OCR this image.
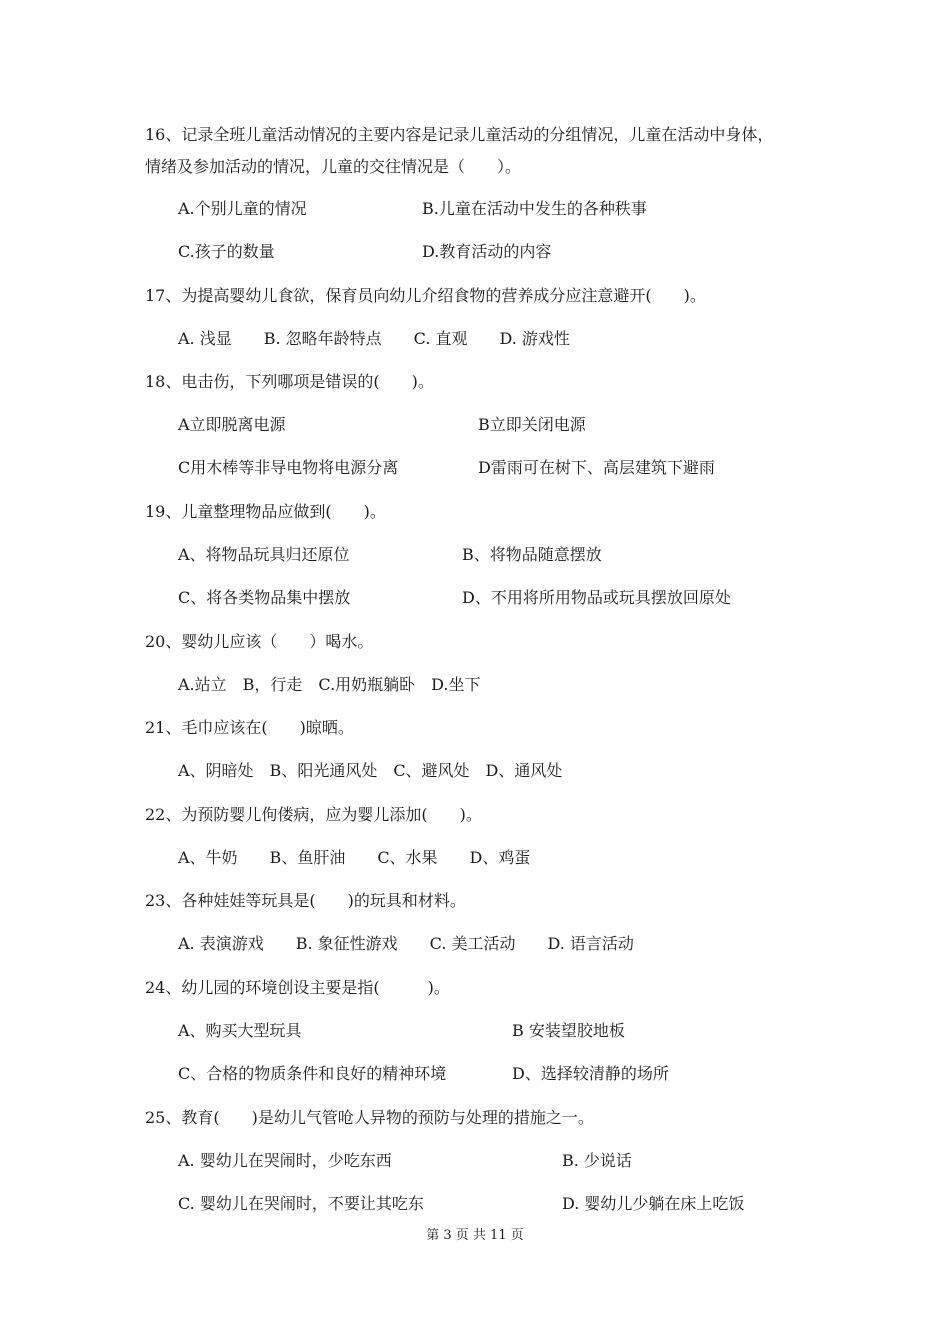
16、记录全班儿童活动情况的主要内容是记录儿童活动的分组情况，儿童在活动中身体，
情绪及参加活动的情况，儿童的交往情况是（　　）。
A.个别儿童的情况	B.儿童在活动中发生的各种秩事
C.孩子的数量	D.教育活动的内容
17、为提高婴幼儿食欲，保育员向幼儿介绍食物的营养成分应注意避开(　　)。
A. 浅显　　B. 忽略年龄特点　　C. 直观　　D. 游戏性
18、电击伤，下列哪项是错误的(　　)。
A立即脱离电源	B立即关闭电源
C用木棒等非导电物将电源分离	D雷雨可在树下、高层建筑下避雨
19、儿童整理物品应做到(　　)。
A、将物品玩具归还原位	B、将物品随意摆放
C、将各类物品集中摆放	D、不用将所用物品或玩具摆放回原处
20、婴幼儿应该（　　）喝水。
A.站立　B，行走　C.用奶瓶躺卧　D.坐下
21、毛巾应该在(　　)晾晒。
A、阴暗处　B、阳光通风处　C、避风处　D、通风处
22、为预防婴儿佝偻病，应为婴儿添加(　　)。
A、牛奶　　B、鱼肝油　　C、水果　　D、鸡蛋
23、各种娃娃等玩具是(　　)的玩具和材料。
A. 表演游戏　　B. 象征性游戏　　C. 美工活动　　D. 语言活动
24、幼儿园的环境创设主要是指(　　　)。
A、购买大型玩具	B 安装望胶地板
C、合格的物质条件和良好的精神环境	D、选择较清静的场所
25、教育(　　)是幼儿气管呛人异物的预防与处理的措施之一。
A. 婴幼儿在哭闹时，少吃东西	B. 少说话
C. 婴幼儿在哭闹时，不要让其吃东	D. 婴幼儿少躺在床上吃饭
第 3 页 共 11 页
